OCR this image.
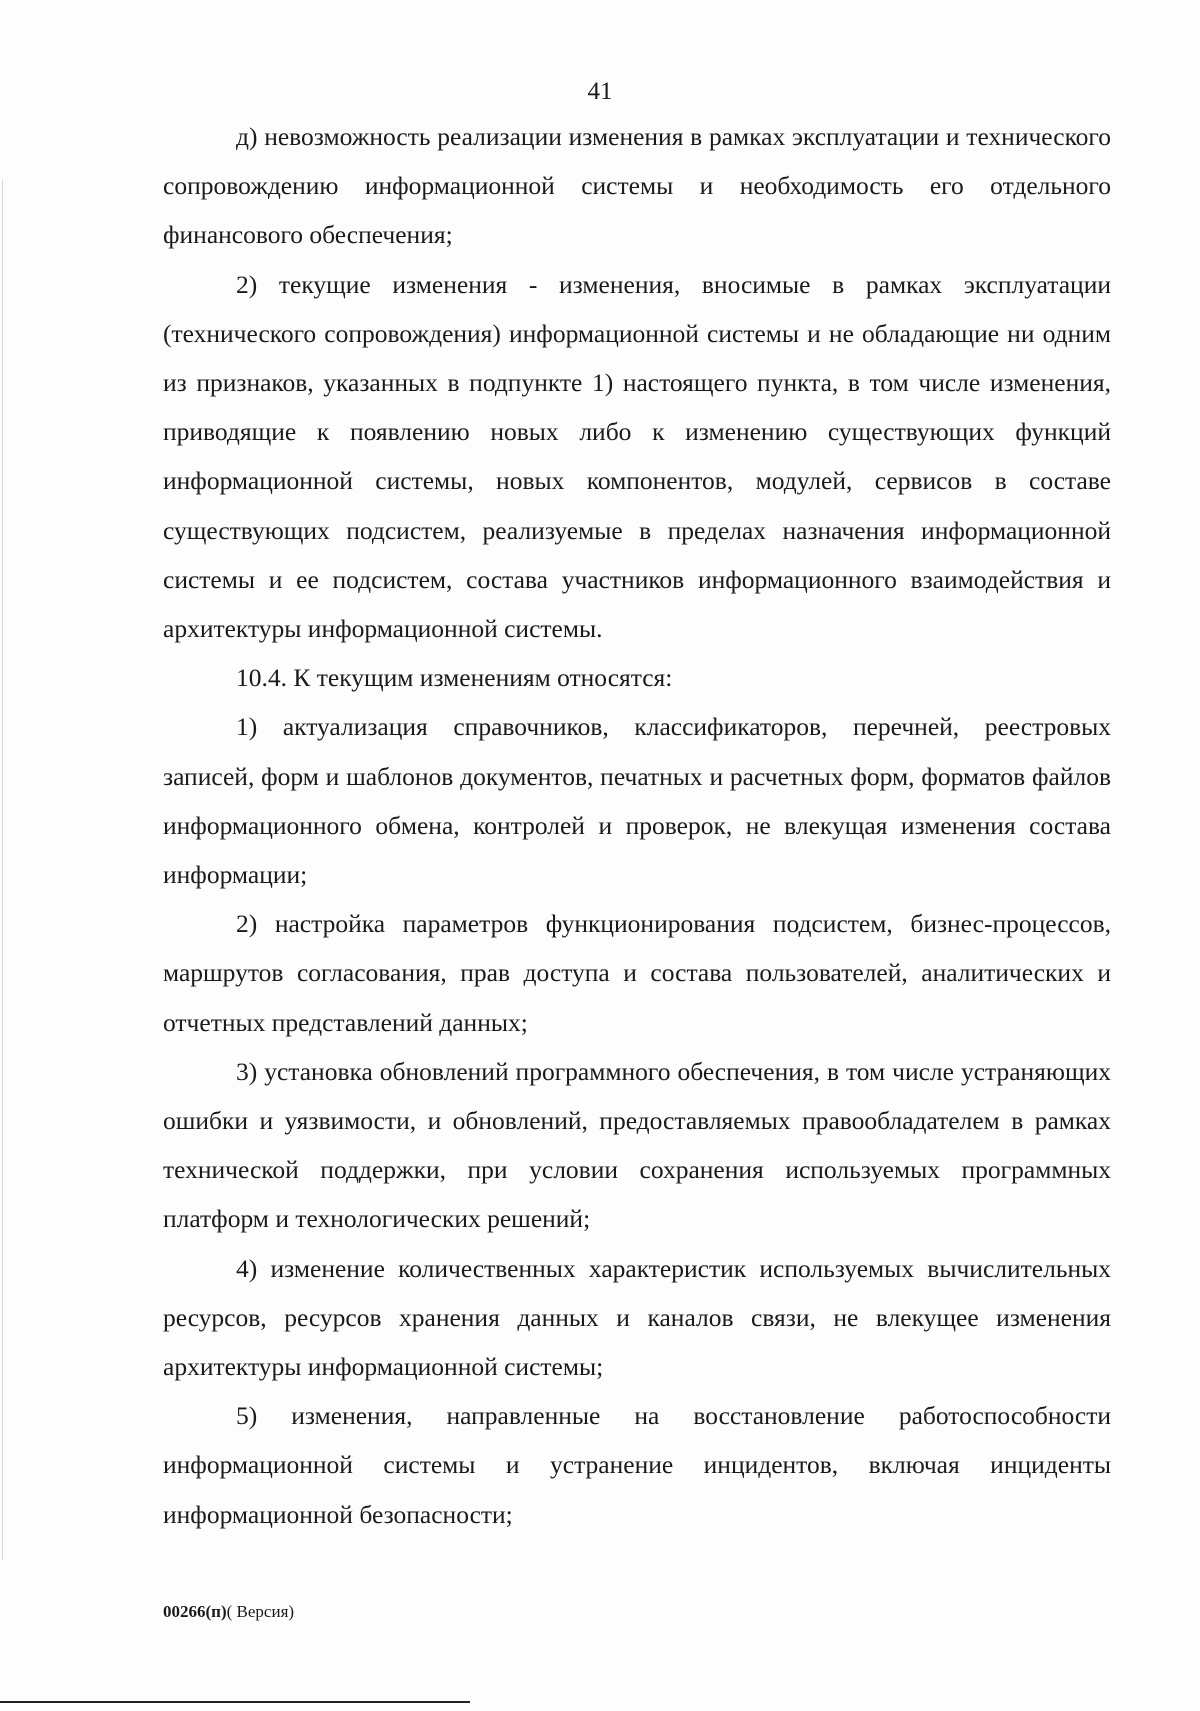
41

д) невозможность реализации изменения в рамках эксплуатации и технического сопровождению информационной системы и необходимость его отдельного финансового обеспечения;

2) текущие изменения - изменения, вносимые в рамках эксплуатации (технического сопровождения) информационной системы и не обладающие ни одним из признаков, указанных в подпункте 1) настоящего пункта, в том числе изменения, приводящие к появлению новых либо к изменению существующих функций информационной системы, новых компонентов, модулей, сервисов в составе существующих подсистем, реализуемые в пределах назначения информационной системы и ее подсистем, состава участников информационного взаимодействия и архитектуры информационной системы.

10.4. К текущим изменениям относятся:

1) актуализация справочников, классификаторов, перечней, реестровых записей, форм и шаблонов документов, печатных и расчетных форм, форматов файлов информационного обмена, контролей и проверок, не влекущая изменения состава информации;

2) настройка параметров функционирования подсистем, бизнес-процессов, маршрутов согласования, прав доступа и состава пользователей, аналитических и отчетных представлений данных;

3) установка обновлений программного обеспечения, в том числе устраняющих ошибки и уязвимости, и обновлений, предоставляемых правообладателем в рамках технической поддержки, при условии сохранения используемых программных платформ и технологических решений;

4) изменение количественных характеристик используемых вычислительных ресурсов, ресурсов хранения данных и каналов связи, не влекущее изменения архитектуры информационной системы;

5) изменения, направленные на восстановление работоспособности информационной системы и устранение инцидентов, включая инциденты информационной безопасности;

00266(п)( Версия)
